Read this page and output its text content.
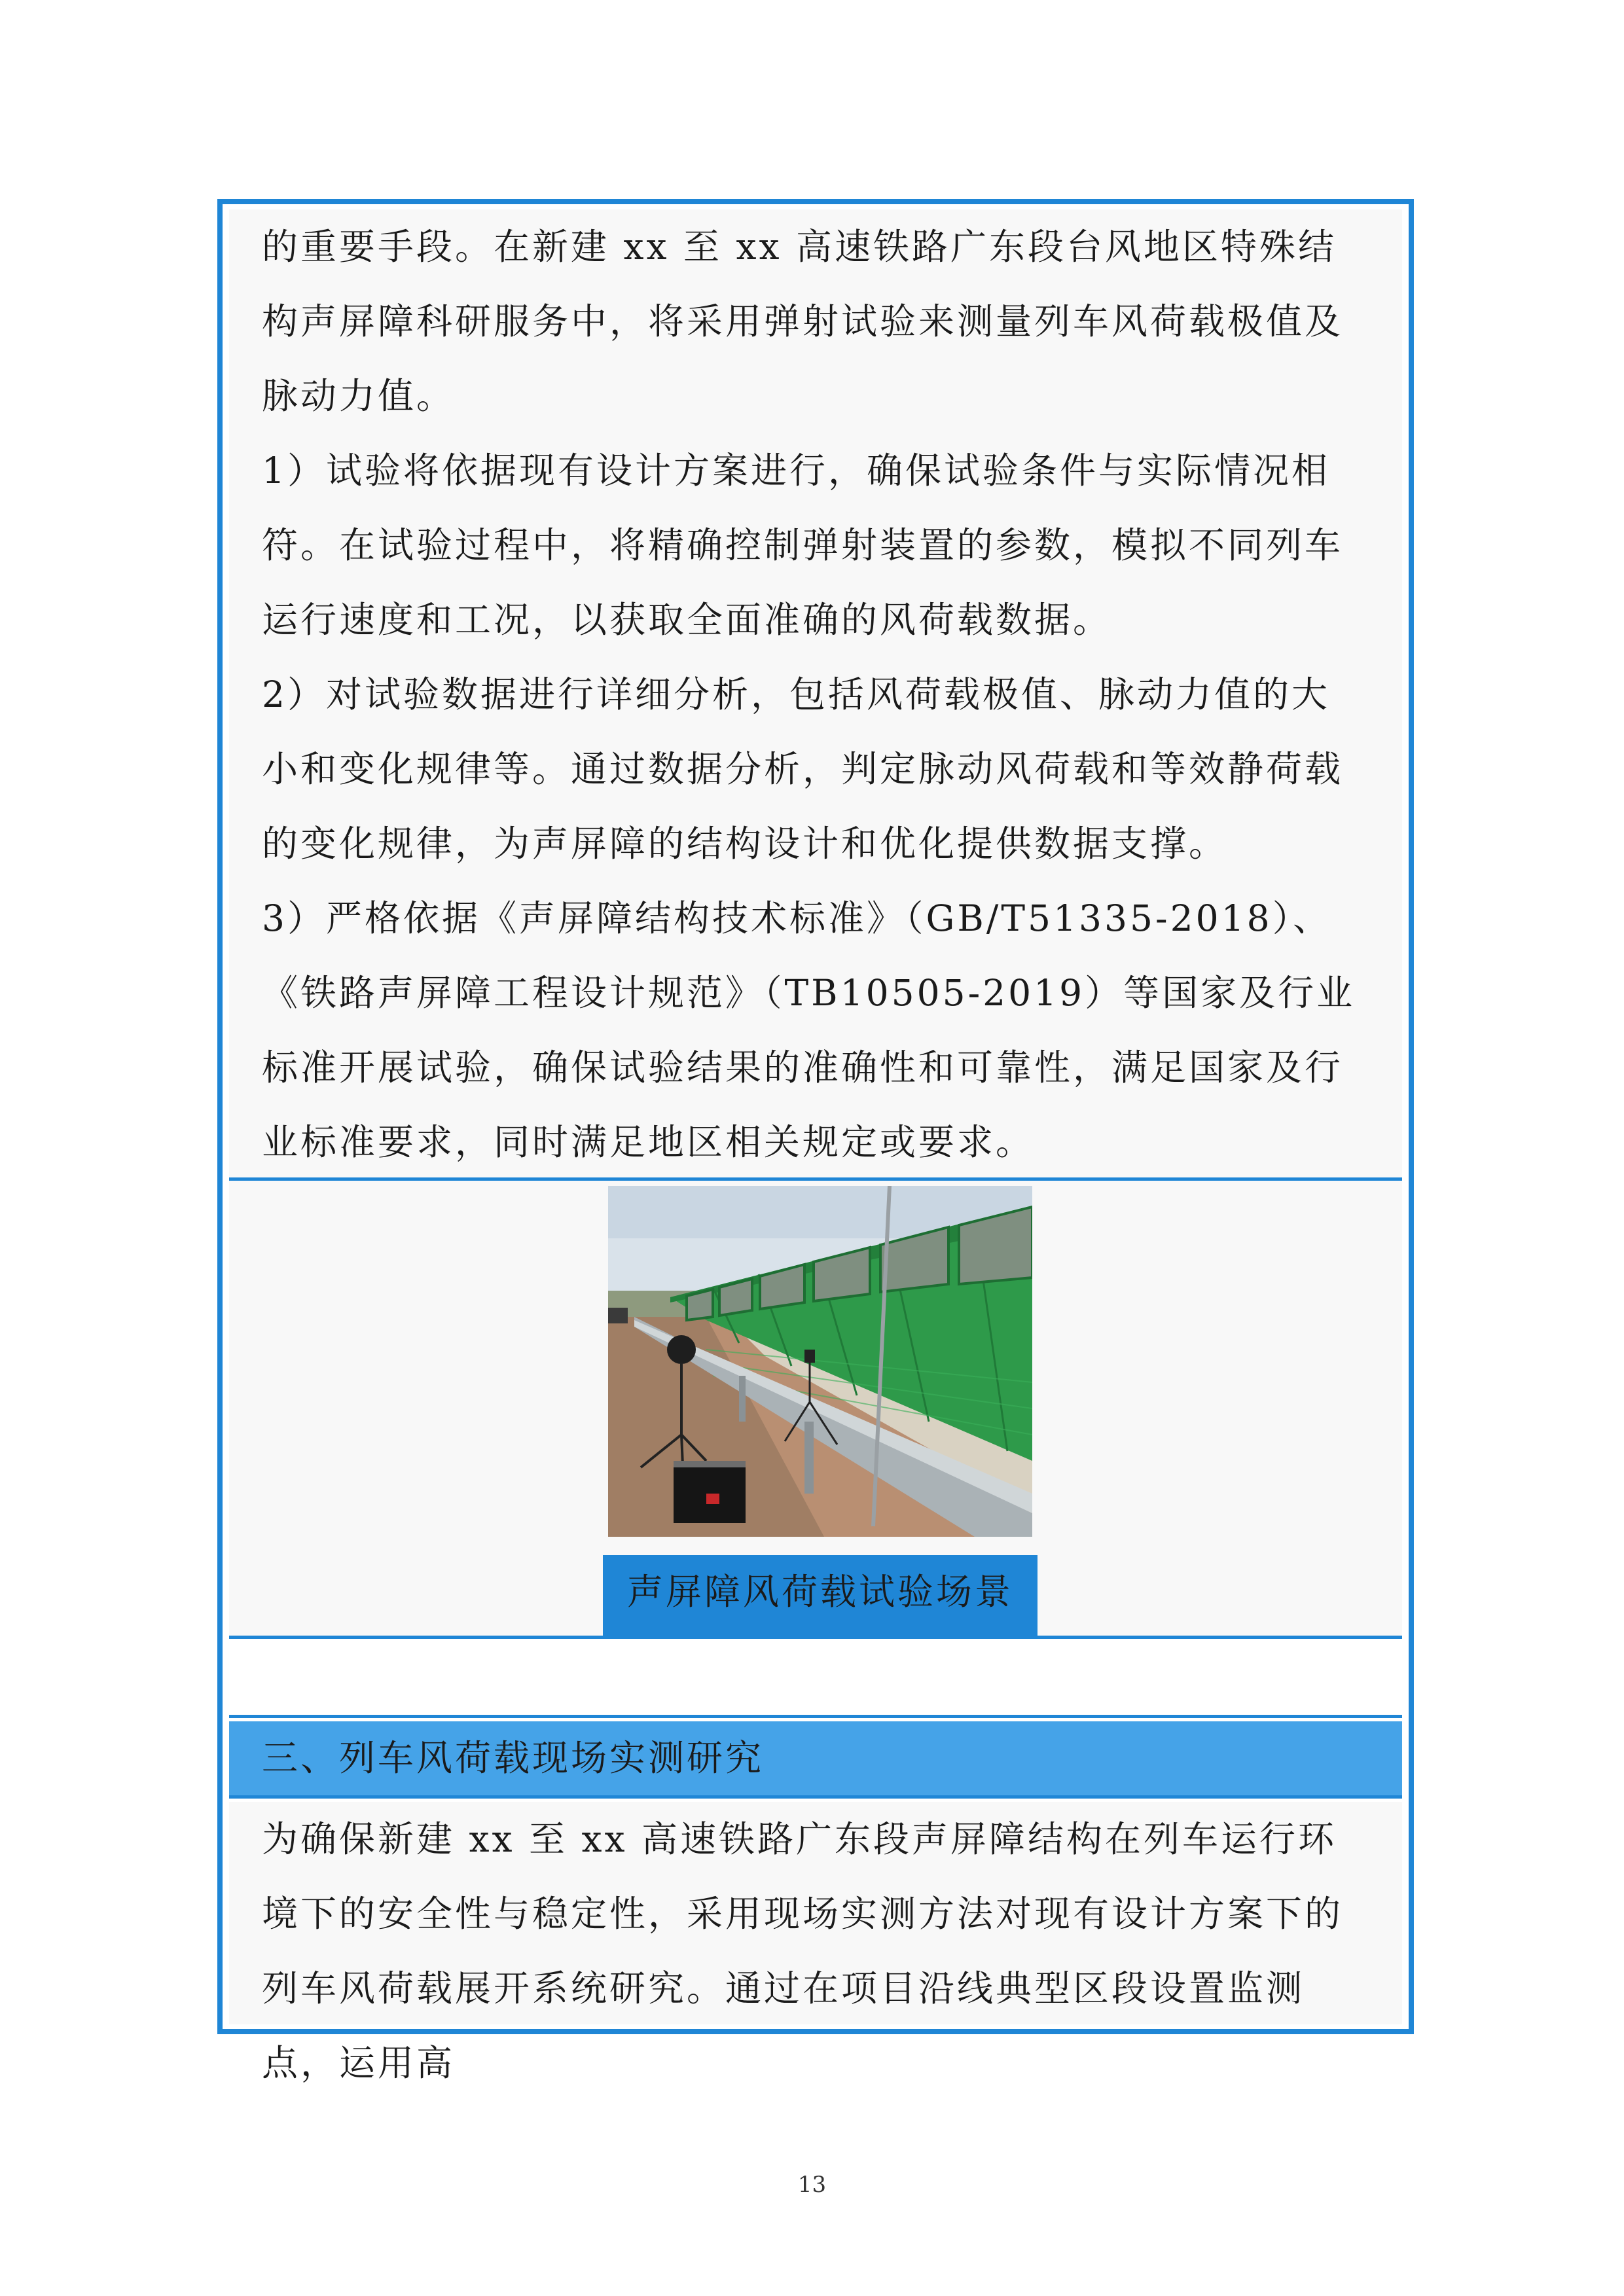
的重要手段。在新建 xx 至 xx 高速铁路广东段台风地区特殊结构声屏障科研服务中，将采用弹射试验来测量列车风荷载极值及脉动力值。

1）试验将依据现有设计方案进行，确保试验条件与实际情况相符。在试验过程中，将精确控制弹射装置的参数，模拟不同列车运行速度和工况，以获取全面准确的风荷载数据。

2）对试验数据进行详细分析，包括风荷载极值、脉动力值的大小和变化规律等。通过数据分析，判定脉动风荷载和等效静荷载的变化规律，为声屏障的结构设计和优化提供数据支撑。

3）严格依据《声屏障结构技术标准》（GB/T51335-2018）、《铁路声屏障工程设计规范》（TB10505-2019）等国家及行业标准开展试验，确保试验结果的准确性和可靠性，满足国家及行业标准要求，同时满足地区相关规定或要求。

声屏障风荷载试验场景
三、列车风荷载现场实测研究

为确保新建 xx 至 xx 高速铁路广东段声屏障结构在列车运行环境下的安全性与稳定性，采用现场实测方法对现有设计方案下的列车风荷载展开系统研究。通过在项目沿线典型区段设置监测点，运用高

13
